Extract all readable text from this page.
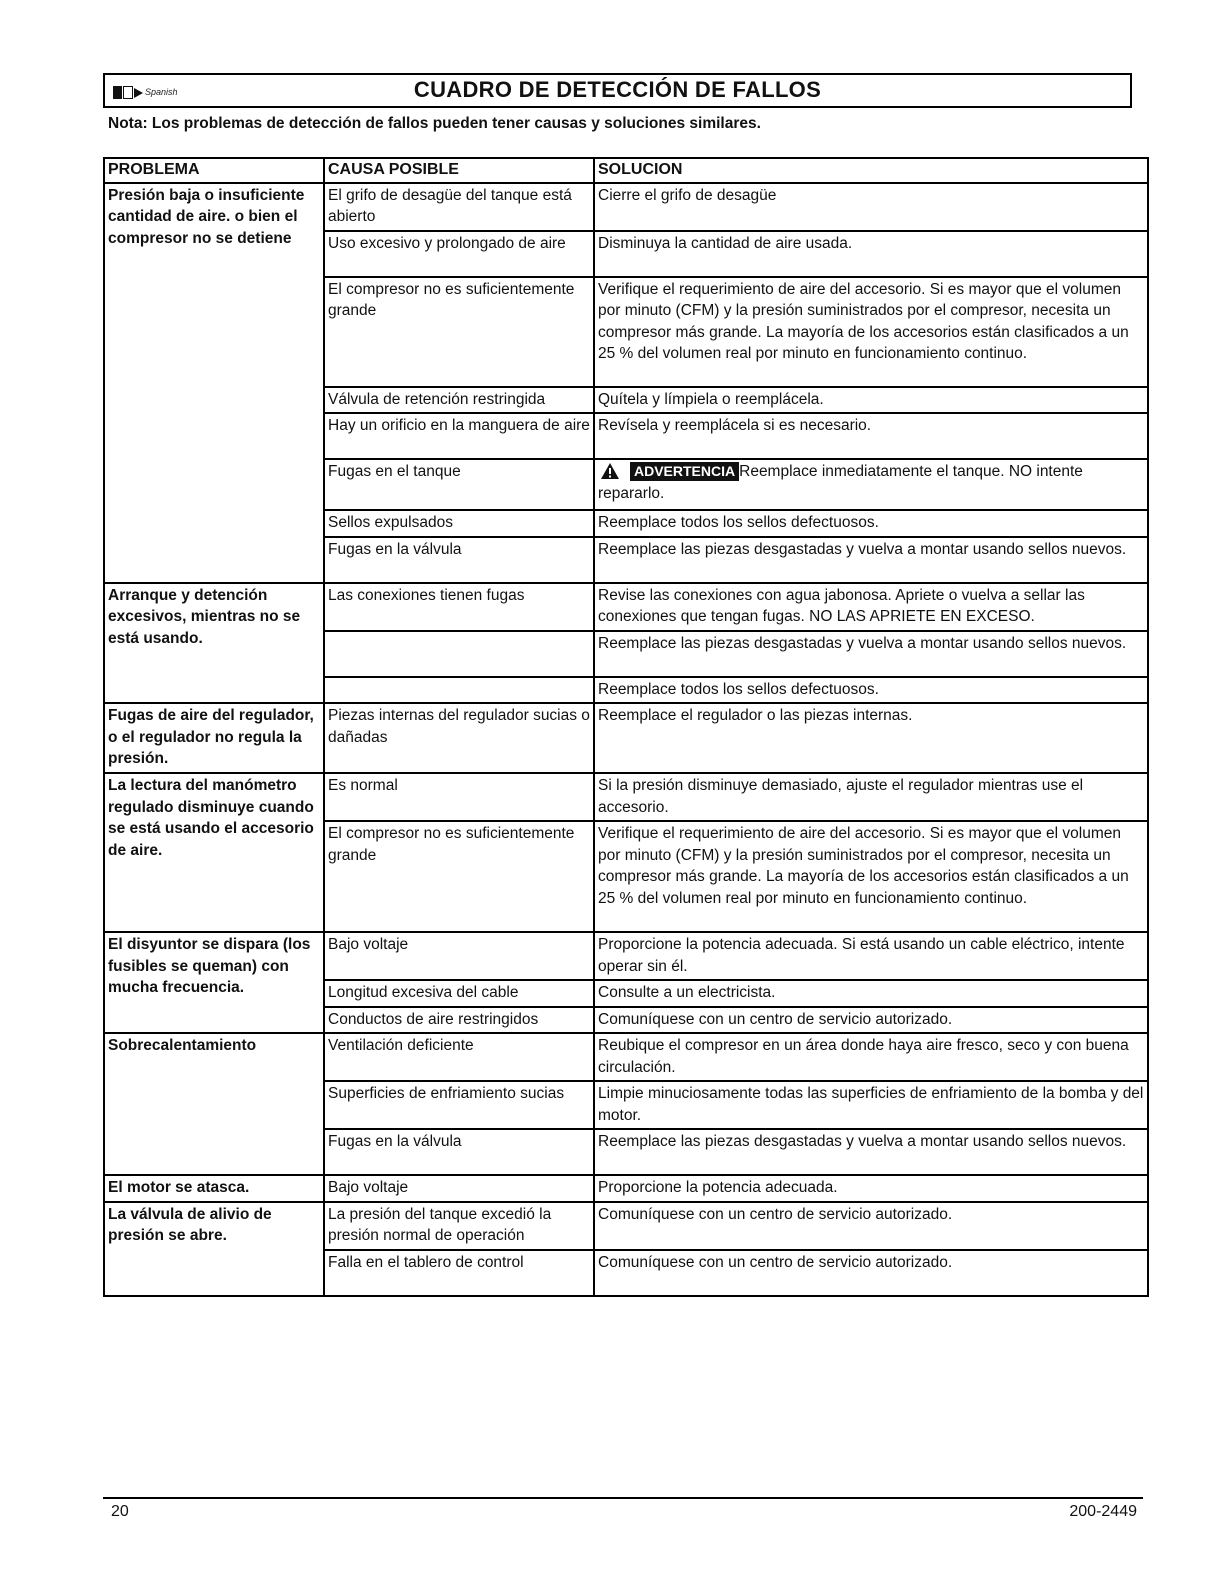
Spanish	CUADRO DE DETECCIÓN DE FALLOS
Nota: Los problemas de detección de fallos pueden tener causas y soluciones similares.
PROBLEMA	CAUSA POSIBLE	SOLUCION
Presión baja o insuficiente cantidad de aire. o bien el compresor no se detiene	El grifo de desagüe del tanque está abierto	Cierre el grifo de desagüe
	Uso excesivo y prolongado de aire	Disminuya la cantidad de aire usada.
	El compresor no es suficientemente grande	Verifique el requerimiento de aire del accesorio. Si es mayor que el volumen por minuto (CFM) y la presión suministrados por el compresor, necesita un compresor más grande. La mayoría de los accesorios están clasificados a un 25 % del volumen real por minuto en funcionamiento continuo.
	Válvula de retención restringida	Quítela y límpiela o reemplácela.
	Hay un orificio en la manguera de aire	Revísela y reemplácela si es necesario.
	Fugas en el tanque	ADVERTENCIA Reemplace inmediatamente el tanque. NO intente repararlo.
	Sellos expulsados	Reemplace todos los sellos defectuosos.
	Fugas en la válvula	Reemplace las piezas desgastadas y vuelva a montar usando sellos nuevos.
Arranque y detención excesivos, mientras no se está usando.	Las conexiones tienen fugas	Revise las conexiones con agua jabonosa. Apriete o vuelva a sellar las conexiones que tengan fugas. NO LAS APRIETE EN EXCESO.
		Reemplace las piezas desgastadas y vuelva a montar usando sellos nuevos.
		Reemplace todos los sellos defectuosos.
Fugas de aire del regulador, o el regulador no regula la presión.	Piezas internas del regulador sucias o dañadas	Reemplace el regulador o las piezas internas.
La lectura del manómetro regulado disminuye cuando se está usando el accesorio de aire.	Es normal	Si la presión disminuye demasiado, ajuste el regulador mientras use el accesorio.
	El compresor no es suficientemente grande	Verifique el requerimiento de aire del accesorio. Si es mayor que el volumen por minuto (CFM) y la presión suministrados por el compresor, necesita un compresor más grande. La mayoría de los accesorios están clasificados a un 25 % del volumen real por minuto en funcionamiento continuo.
El disyuntor se dispara (los fusibles se queman) con mucha frecuencia.	Bajo voltaje	Proporcione la potencia adecuada. Si está usando un cable eléctrico, intente operar sin él.
	Longitud excesiva del cable	Consulte a un electricista.
	Conductos de aire restringidos	Comuníquese con un centro de servicio autorizado.
Sobrecalentamiento	Ventilación deficiente	Reubique el compresor en un área donde haya aire fresco, seco y con buena circulación.
	Superficies de enfriamiento sucias	Limpie minuciosamente todas las superficies de enfriamiento de la bomba y del motor.
	Fugas en la válvula	Reemplace las piezas desgastadas y vuelva a montar usando sellos nuevos.
El motor se atasca.	Bajo voltaje	Proporcione la potencia adecuada.
La válvula de alivio de presión se abre.	La presión del tanque excedió la presión normal de operación	Comuníquese con un centro de servicio autorizado.
	Falla en el tablero de control	Comuníquese con un centro de servicio autorizado.
20	200-2449
